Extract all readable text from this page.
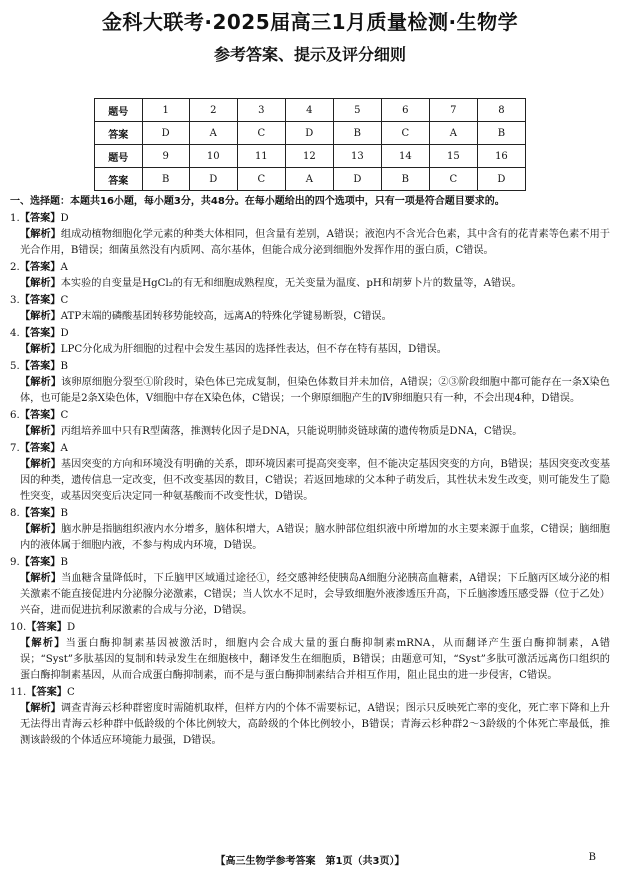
金科大联考·2025届高三1月质量检测·生物学
参考答案、提示及评分细则
题号	1	2	3	4	5	6	7	8
答案	D	A	C	D	B	C	A	B
题号	9	10	11	12	13	14	15	16
答案	B	D	C	A	D	B	C	D
一、选择题：本题共16小题，每小题3分，共48分。在每小题给出的四个选项中，只有一项是符合题目要求的。
1.【答案】D
【解析】组成动植物细胞化学元素的种类大体相同，但含量有差别，A错误；液泡内不含光合色素，其中含有的花青素等色素不用于光合作用，B错误；细菌虽然没有内质网、高尔基体，但能合成分泌到细胞外发挥作用的蛋白质，C错误。
2.【答案】A
【解析】本实验的自变量是HgCl₂的有无和细胞成熟程度，无关变量为温度、pH和胡萝卜片的数量等，A错误。
3.【答案】C
【解析】ATP末端的磷酸基团转移势能较高，远离A的特殊化学键易断裂，C错误。
4.【答案】D
【解析】LPC分化成为肝细胞的过程中会发生基因的选择性表达，但不存在特有基因，D错误。
5.【答案】B
【解析】该卵原细胞分裂至①阶段时，染色体已完成复制，但染色体数目并未加倍，A错误；②③阶段细胞中都可能存在一条X染色体，也可能是2条X染色体，Ⅴ细胞中存在X染色体，C错误；一个卵原细胞产生的Ⅳ卵细胞只有一种，不会出现4种，D错误。
6.【答案】C
【解析】丙组培养皿中只有R型菌落，推测转化因子是DNA，只能说明肺炎链球菌的遗传物质是DNA，C错误。
7.【答案】A
【解析】基因突变的方向和环境没有明确的关系，即环境因素可提高突变率，但不能决定基因突变的方向，B错误；基因突变改变基因的种类，遗传信息一定改变，但不改变基因的数目，C错误；若返回地球的父本种子萌发后，其性状未发生改变，则可能发生了隐性突变，或基因突变后决定同一种氨基酸而不改变性状，D错误。
8.【答案】B
【解析】脑水肿是指脑组织液内水分增多，脑体积增大，A错误；脑水肿部位组织液中所增加的水主要来源于血浆，C错误；脑细胞内的液体属于细胞内液，不参与构成内环境，D错误。
9.【答案】B
【解析】当血糖含量降低时，下丘脑甲区域通过途径①，经交感神经使胰岛A细胞分泌胰高血糖素，A错误；下丘脑丙区域分泌的相关激素不能直接促进内分泌腺分泌激素，C错误；当人饮水不足时，会导致细胞外液渗透压升高，下丘脑渗透压感受器（位于乙处）兴奋，进而促进抗利尿激素的合成与分泌，D错误。
10.【答案】D
【解析】当蛋白酶抑制素基因被激活时，细胞内会合成大量的蛋白酶抑制素mRNA，从而翻译产生蛋白酶抑制素，A错误；“Syst”多肽基因的复制和转录发生在细胞核中，翻译发生在细胞质，B错误；由题意可知，“Syst”多肽可激活远离伤口组织的蛋白酶抑制素基因，从而合成蛋白酶抑制素，而不是与蛋白酶抑制素结合并相互作用，阻止昆虫的进一步侵害，C错误。
11.【答案】C
【解析】调查青海云杉种群密度时需随机取样，但样方内的个体不需要标记，A错误；图示只反映死亡率的变化，死亡率下降和上升无法得出青海云杉种群中低龄级的个体比例较大，高龄级的个体比例较小，B错误；青海云杉种群2～3龄级的个体死亡率最低，推测该龄级的个体适应环境能力最强，D错误。
【高三生物学参考答案　第1页（共3页）】	B
